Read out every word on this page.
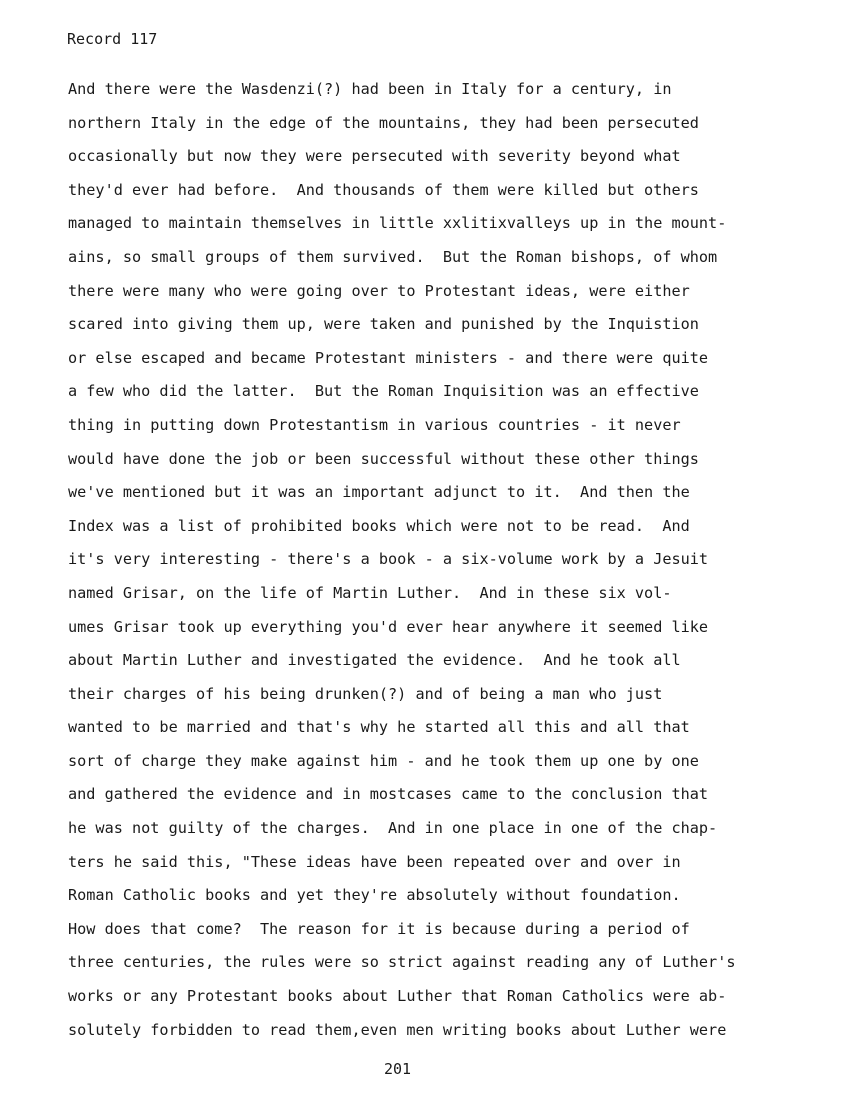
Record 117
And there were the Wasdenzi(?) had been in Italy for a century, in
northern Italy in the edge of the mountains, they had been persecuted
occasionally but now they were persecuted with severity beyond what
they'd ever had before.  And thousands of them were killed but others
managed to maintain themselves in little xxlitixvalleys up in the mount-
ains, so small groups of them survived.  But the Roman bishops, of whom
there were many who were going over to Protestant ideas, were either
scared into giving them up, were taken and punished by the Inquistion
or else escaped and became Protestant ministers - and there were quite
a few who did the latter.  But the Roman Inquisition was an effective
thing in putting down Protestantism in various countries - it never
would have done the job or been successful without these other things
we've mentioned but it was an important adjunct to it.  And then the
Index was a list of prohibited books which were not to be read.  And
it's very interesting - there's a book - a six-volume work by a Jesuit
named Grisar, on the life of Martin Luther.  And in these six vol-
umes Grisar took up everything you'd ever hear anywhere it seemed like
about Martin Luther and investigated the evidence.  And he took all
their charges of his being drunken(?) and of being a man who just
wanted to be married and that's why he started all this and all that
sort of charge they make against him - and he took them up one by one
and gathered the evidence and in mostcases came to the conclusion that
he was not guilty of the charges.  And in one place in one of the chap-
ters he said this, "These ideas have been repeated over and over in
Roman Catholic books and yet they're absolutely without foundation.
How does that come?  The reason for it is because during a period of
three centuries, the rules were so strict against reading any of Luther's
works or any Protestant books about Luther that Roman Catholics were ab-
solutely forbidden to read them,even men writing books about Luther were
201
